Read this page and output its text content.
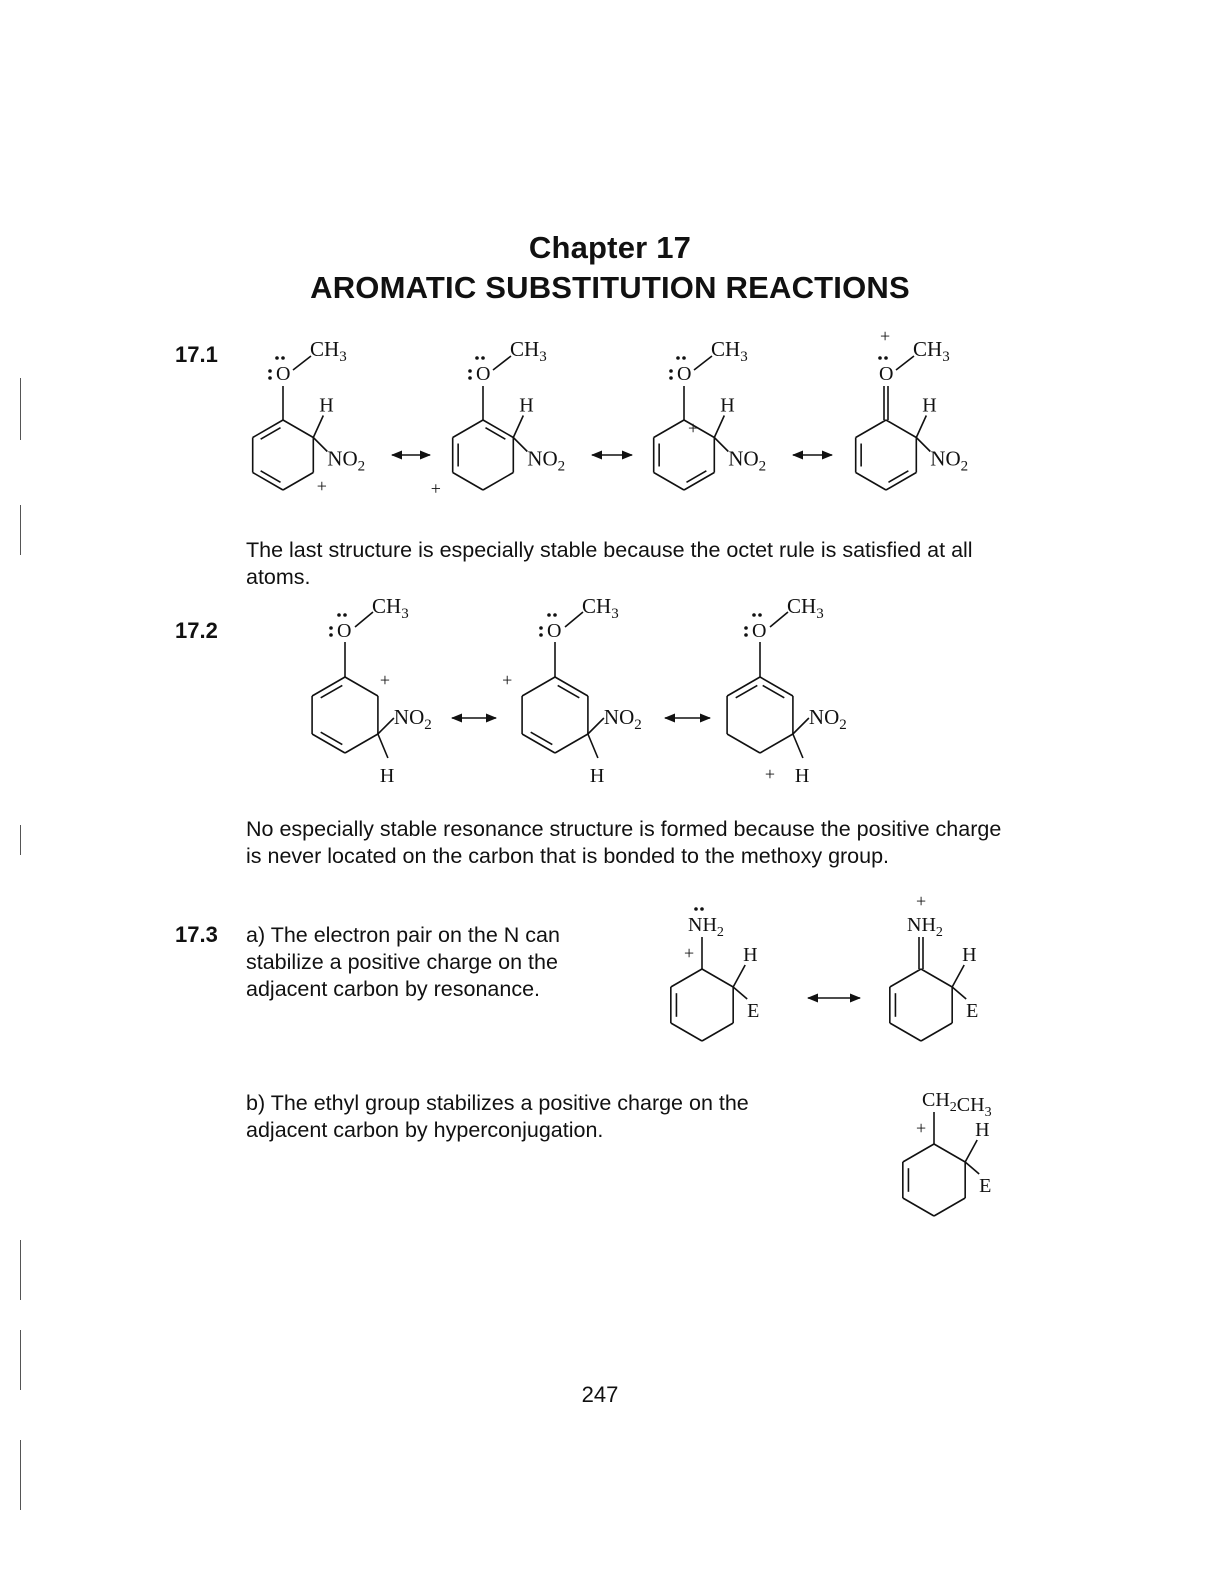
Chapter 17
AROMATIC SUBSTITUTION REACTIONS
17.1
17.2
17.3
The last structure is especially stable because the octet rule is satisfied at all atoms.
No especially stable resonance structure is formed because the positive charge is never located on the carbon that is bonded to the methoxy group.
a) The electron pair on the N can stabilize a positive charge on the adjacent carbon by resonance.
b) The ethyl group stabilizes a positive charge on the adjacent carbon by hyperconjugation.
247
O
$CH_3$
H
$NO_2$
+
O
$CH_3$
H
$NO_2$
+
O
$CH_3$
H
$NO_2$
+
O
+
$CH_3$
H
$NO_2$
O
$CH_3$
$NO_2$
H
+
O
$CH_3$
$NO_2$
H
+
O
$CH_3$
$NO_2$
H
+
H
E
$NH_2$
+	H
E
$NH_2$
+
H
E
$CH_2CH_3$
+
